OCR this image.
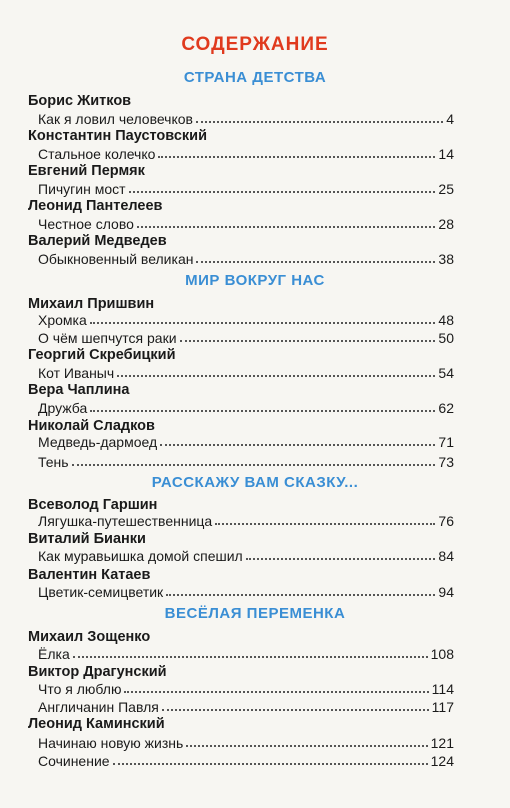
СОДЕРЖАНИЕ
СТРАНА ДЕТСТВА
Борис Житков
Как я ловил человечков	4
Константин Паустовский
Стальное колечко	14
Евгений Пермяк
Пичугин мост	25
Леонид Пантелеев
Честное слово	28
Валерий Медведев
Обыкновенный великан	38
МИР ВОКРУГ НАС
Михаил Пришвин
Хромка	48
О чём шепчутся раки	50
Георгий Скребицкий
Кот Иваныч	54
Вера Чаплина
Дружба	62
Николай Сладков
Медведь-дармоед	71
Тень	73
РАССКАЖУ ВАМ СКАЗКУ...
Всеволод Гаршин
Лягушка-путешественница	76
Виталий Бианки
Как муравьишка домой спешил	84
Валентин Катаев
Цветик-семицветик	94
ВЕСЁЛАЯ ПЕРЕМЕНКА
Михаил Зощенко
Ёлка	108
Виктор Драгунский
Что я люблю	114
Англичанин Павля	117
Леонид Каминский
Начинаю новую жизнь	121
Сочинение	124
